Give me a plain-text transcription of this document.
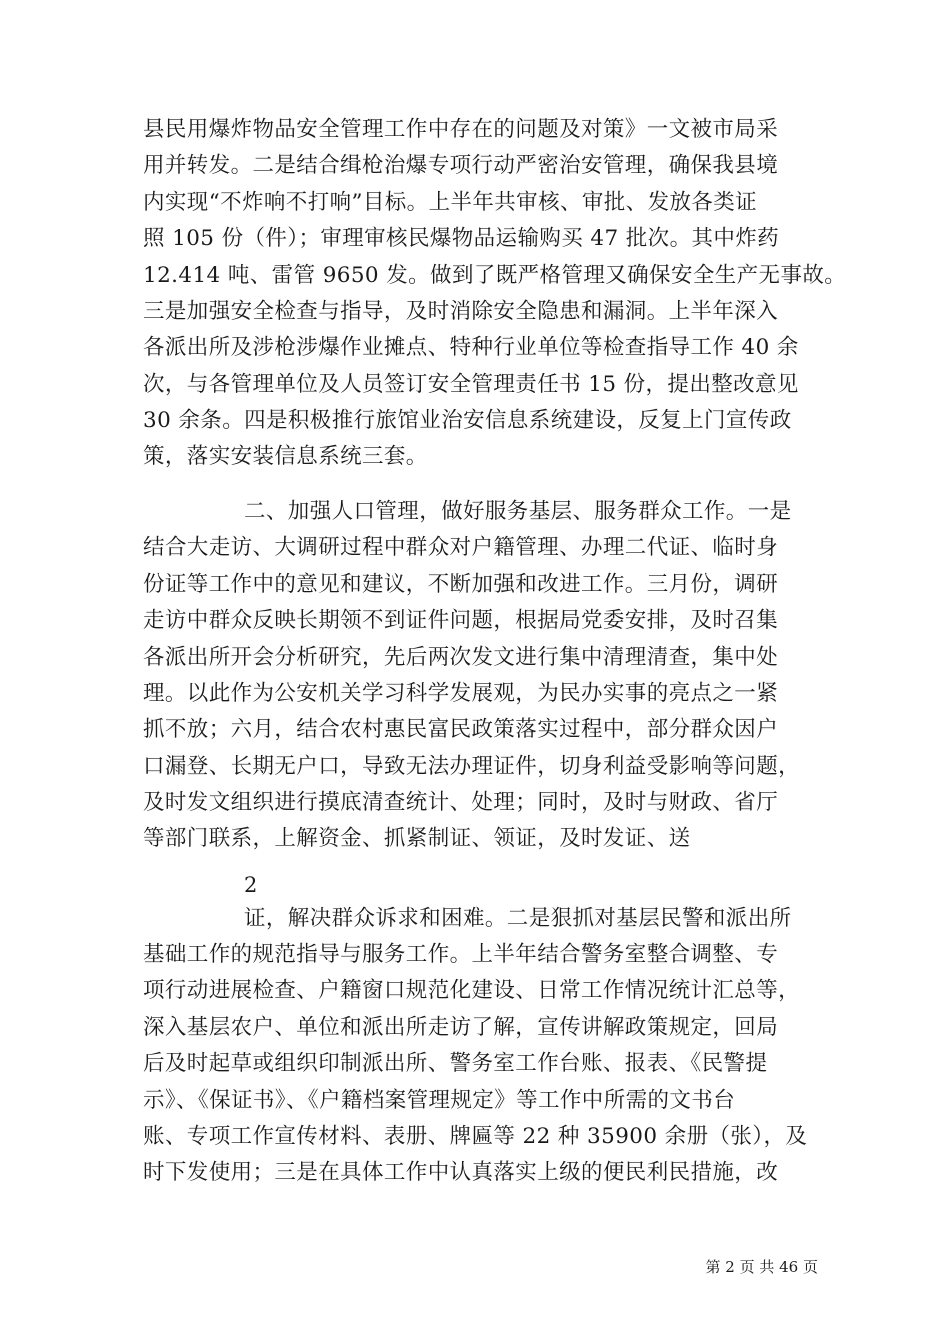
县民用爆炸物品安全管理工作中存在的问题及对策》一文被市局采
用并转发。二是结合缉枪治爆专项行动严密治安管理，确保我县境
内实现“不炸响不打响”目标。上半年共审核、审批、发放各类证
照 105 份（件）；审理审核民爆物品运输购买 47 批次。其中炸药
12.414 吨、雷管 9650 发。做到了既严格管理又确保安全生产无事故。
三是加强安全检查与指导，及时消除安全隐患和漏洞。上半年深入
各派出所及涉枪涉爆作业摊点、特种行业单位等检查指导工作 40 余
次，与各管理单位及人员签订安全管理责任书 15 份，提出整改意见
30 余条。四是积极推行旅馆业治安信息系统建设，反复上门宣传政
策，落实安装信息系统三套。
二、加强人口管理，做好服务基层、服务群众工作。一是
结合大走访、大调研过程中群众对户籍管理、办理二代证、临时身
份证等工作中的意见和建议，不断加强和改进工作。三月份，调研
走访中群众反映长期领不到证件问题，根据局党委安排，及时召集
各派出所开会分析研究，先后两次发文进行集中清理清查，集中处
理。以此作为公安机关学习科学发展观，为民办实事的亮点之一紧
抓不放；六月，结合农村惠民富民政策落实过程中，部分群众因户
口漏登、长期无户口，导致无法办理证件，切身利益受影响等问题，
及时发文组织进行摸底清查统计、处理；同时，及时与财政、省厅
等部门联系，上解资金、抓紧制证、领证，及时发证、送
2
证，解决群众诉求和困难。二是狠抓对基层民警和派出所
基础工作的规范指导与服务工作。上半年结合警务室整合调整、专
项行动进展检查、户籍窗口规范化建设、日常工作情况统计汇总等，
深入基层农户、单位和派出所走访了解，宣传讲解政策规定，回局
后及时起草或组织印制派出所、警务室工作台账、报表、《民警提
示》、《保证书》、《户籍档案管理规定》等工作中所需的文书台
账、专项工作宣传材料、表册、牌匾等 22 种 35900 余册（张），及
时下发使用；三是在具体工作中认真落实上级的便民利民措施，改
第 2 页 共 46 页
